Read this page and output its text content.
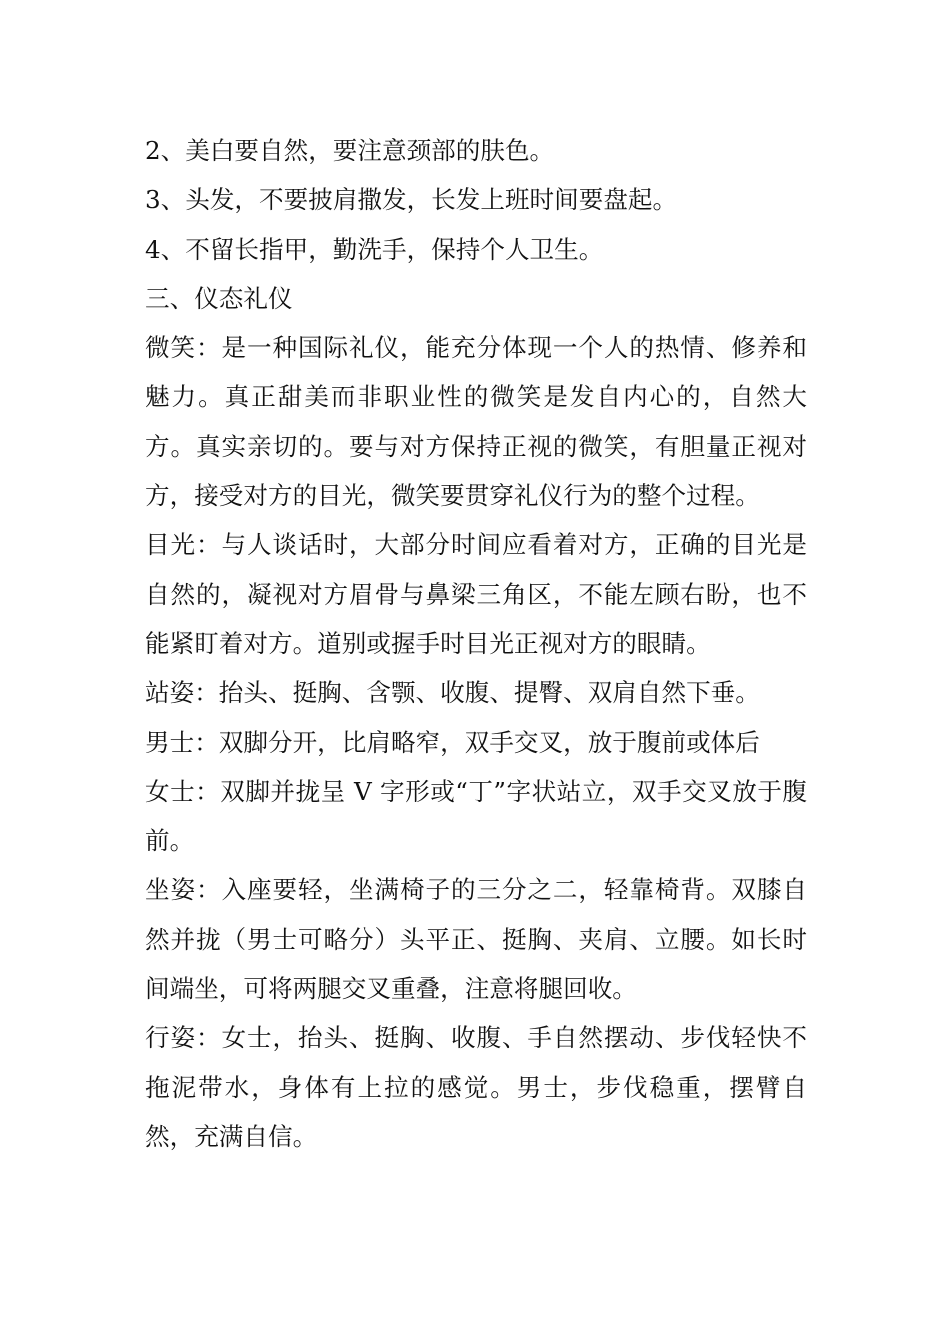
2、美白要自然，要注意颈部的肤色。

3、头发，不要披肩撒发，长发上班时间要盘起。

4、不留长指甲，勤洗手，保持个人卫生。

三、仪态礼仪

微笑：是一种国际礼仪，能充分体现一个人的热情、修养和魅力。真正甜美而非职业性的微笑是发自内心的，自然大方。真实亲切的。要与对方保持正视的微笑，有胆量正视对方，接受对方的目光，微笑要贯穿礼仪行为的整个过程。

目光：与人谈话时，大部分时间应看着对方，正确的目光是自然的，凝视对方眉骨与鼻梁三角区，不能左顾右盼，也不能紧盯着对方。道别或握手时目光正视对方的眼睛。

站姿：抬头、挺胸、含颚、收腹、提臀、双肩自然下垂。

男士：双脚分开，比肩略窄，双手交叉，放于腹前或体后

女士：双脚并拢呈 V 字形或“丁”字状站立，双手交叉放于腹前。

坐姿：入座要轻，坐满椅子的三分之二，轻靠椅背。双膝自然并拢（男士可略分）头平正、挺胸、夹肩、立腰。如长时间端坐，可将两腿交叉重叠，注意将腿回收。

行姿：女士，抬头、挺胸、收腹、手自然摆动、步伐轻快不拖泥带水，身体有上拉的感觉。男士，步伐稳重，摆臂自然，充满自信。
